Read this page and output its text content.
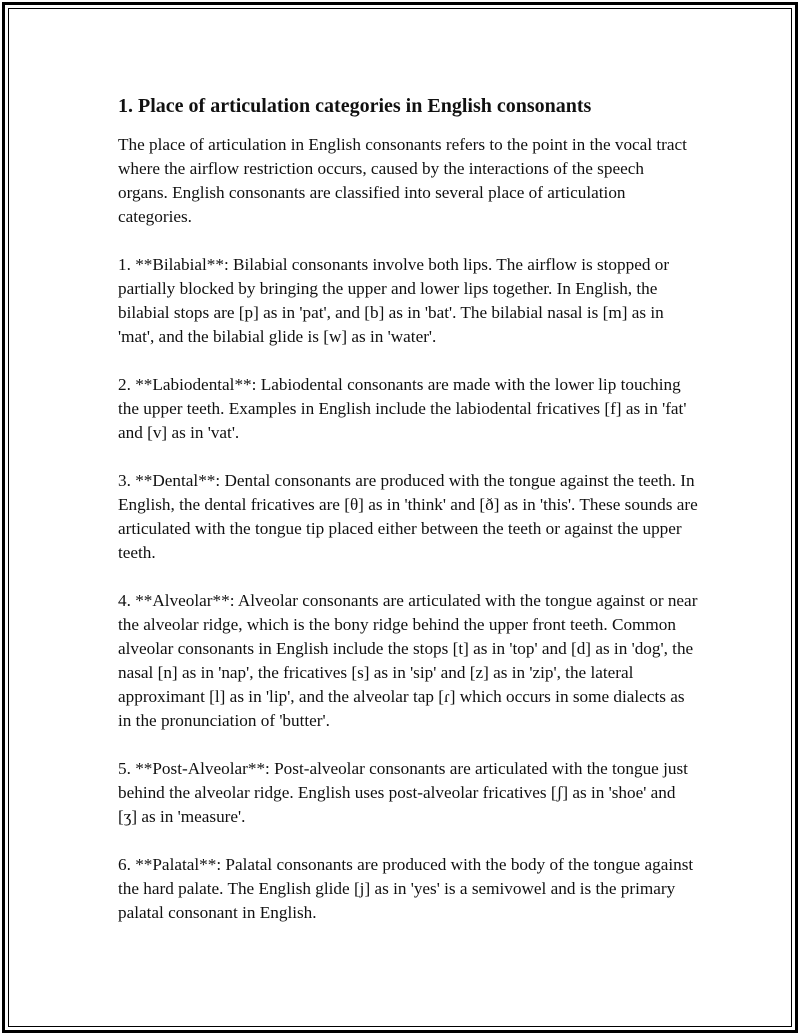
1. Place of articulation categories in English consonants

The place of articulation in English consonants refers to the point in the vocal tract where the airflow restriction occurs, caused by the interactions of the speech organs. English consonants are classified into several place of articulation categories.

1. **Bilabial**: Bilabial consonants involve both lips. The airflow is stopped or partially blocked by bringing the upper and lower lips together. In English, the bilabial stops are [p] as in 'pat', and [b] as in 'bat'. The bilabial nasal is [m] as in 'mat', and the bilabial glide is [w] as in 'water'.

2. **Labiodental**: Labiodental consonants are made with the lower lip touching the upper teeth. Examples in English include the labiodental fricatives [f] as in 'fat' and [v] as in 'vat'.

3. **Dental**: Dental consonants are produced with the tongue against the teeth. In English, the dental fricatives are [θ] as in 'think' and [ð] as in 'this'. These sounds are articulated with the tongue tip placed either between the teeth or against the upper teeth.

4. **Alveolar**: Alveolar consonants are articulated with the tongue against or near the alveolar ridge, which is the bony ridge behind the upper front teeth. Common alveolar consonants in English include the stops [t] as in 'top' and [d] as in 'dog', the nasal [n] as in 'nap', the fricatives [s] as in 'sip' and [z] as in 'zip', the lateral approximant [l] as in 'lip', and the alveolar tap [ɾ] which occurs in some dialects as in the pronunciation of 'butter'.

5. **Post-Alveolar**: Post-alveolar consonants are articulated with the tongue just behind the alveolar ridge. English uses post-alveolar fricatives [ʃ] as in 'shoe' and [ʒ] as in 'measure'.

6. **Palatal**: Palatal consonants are produced with the body of the tongue against the hard palate. The English glide [j] as in 'yes' is a semivowel and is the primary palatal consonant in English.
